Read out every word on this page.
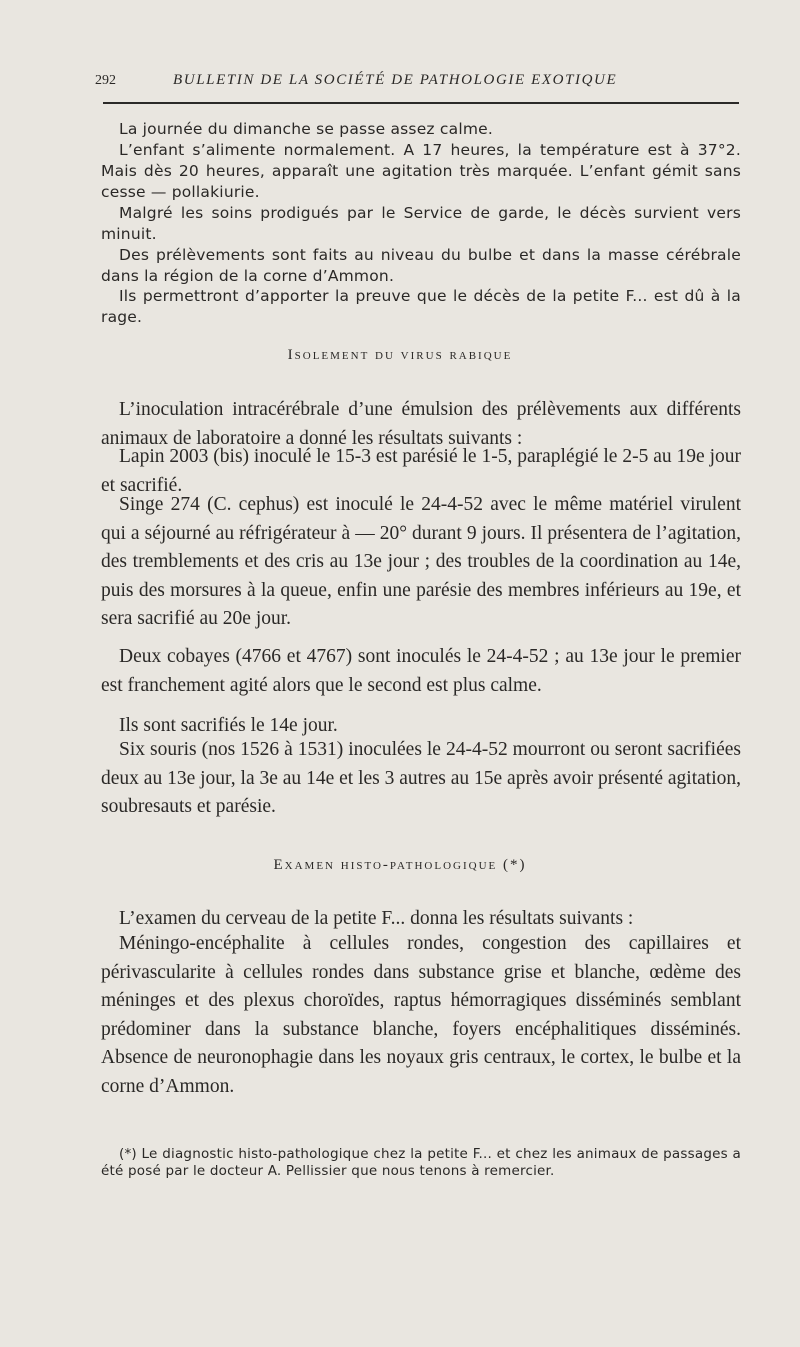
292	BULLETIN DE LA SOCIÉTÉ DE PATHOLOGIE EXOTIQUE

La journée du dimanche se passe assez calme.

L’enfant s’alimente normalement. A 17 heures, la température est à 37°2. Mais dès 20 heures, apparaît une agitation très marquée. L’enfant gémit sans cesse — pollakiurie.

Malgré les soins prodigués par le Service de garde, le décès survient vers minuit.

Des prélèvements sont faits au niveau du bulbe et dans la masse cérébrale dans la région de la corne d’Ammon.

Ils permettront d’apporter la preuve que le décès de la petite F... est dû à la rage.

Isolement du virus rabique

L’inoculation intracérébrale d’une émulsion des prélèvements aux différents animaux de laboratoire a donné les résultats suivants :

Lapin 2003 (bis) inoculé le 15-3 est parésié le 1-5, paraplégié le 2-5 au 19e jour et sacrifié.

Singe 274 (C. cephus) est inoculé le 24-4-52 avec le même matériel virulent qui a séjourné au réfrigérateur à — 20° durant 9 jours. Il présentera de l’agitation, des tremblements et des cris au 13e jour ; des troubles de la coordination au 14e, puis des morsures à la queue, enfin une parésie des membres inférieurs au 19e, et sera sacrifié au 20e jour.

Deux cobayes (4766 et 4767) sont inoculés le 24-4-52 ; au 13e jour le premier est franchement agité alors que le second est plus calme.

Ils sont sacrifiés le 14e jour.

Six souris (nos 1526 à 1531) inoculées le 24-4-52 mourront ou seront sacrifiées deux au 13e jour, la 3e au 14e et les 3 autres au 15e après avoir présenté agitation, soubresauts et parésie.

Examen histo-pathologique (*)

L’examen du cerveau de la petite F... donna les résultats suivants :

Méningo-encéphalite à cellules rondes, congestion des capillaires et périvascularite à cellules rondes dans substance grise et blanche, œdème des méninges et des plexus choroïdes, raptus hémorragiques disséminés semblant prédominer dans la substance blanche, foyers encéphalitiques disséminés. Absence de neuronophagie dans les noyaux gris centraux, le cortex, le bulbe et la corne d’Ammon.

(*) Le diagnostic histo-pathologique chez la petite F... et chez les animaux de passages a été posé par le docteur A. Pellissier que nous tenons à remercier.
